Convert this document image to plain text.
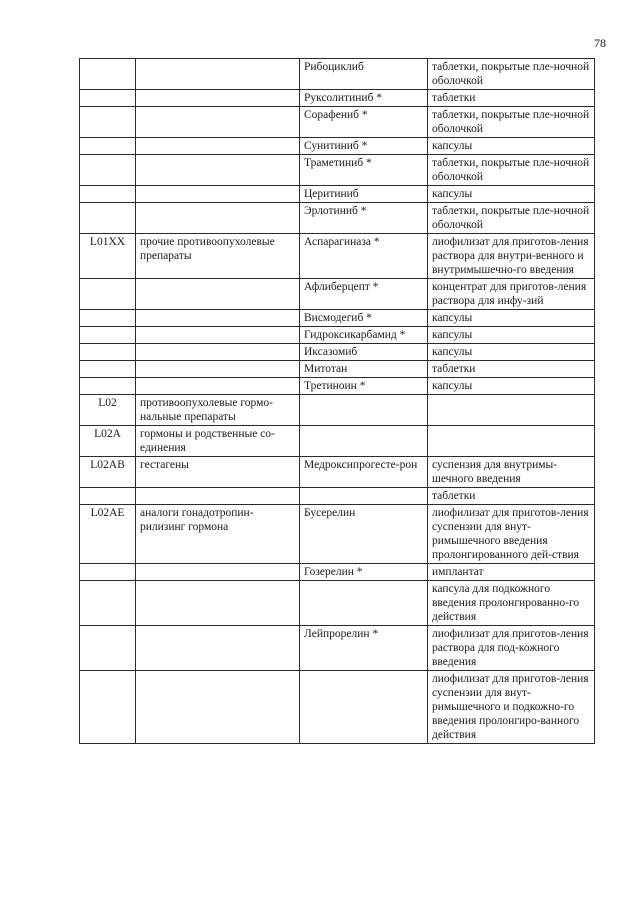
78
		Рибоциклиб	таблетки, покрытые пле-ночной оболочкой
		Руксолитиниб *	таблетки
		Сорафениб *	таблетки, покрытые пле-ночной оболочкой
		Сунитиниб *	капсулы
		Траметиниб *	таблетки, покрытые пле-ночной оболочкой
		Церитиниб	капсулы
		Эрлотиниб *	таблетки, покрытые пле-ночной оболочкой
L01XX	прочие противоопухолевые препараты	Аспарагиназа *	лиофилизат для приготов-ления раствора для внутри-венного и внутримышечно-го введения
		Афлиберцепт *	концентрат для приготов-ления раствора для инфу-зий
		Висмодегиб *	капсулы
		Гидроксикарбамид *	капсулы
		Иксазомиб	капсулы
		Митотан	таблетки
		Третиноин *	капсулы
L02	противоопухолевые гормо-нальные препараты		
L02A	гормоны и родственные со-единения		
L02AB	гестагены	Медроксипрогесте-рон	суспензия для внутримы-шечного введения
			таблетки
L02AE	аналоги гонадотропин-рилизинг гормона	Бусерелин	лиофилизат для приготов-ления суспензии для внут-римышечного введения пролонгированного дей-ствия
		Гозерелин *	имплантат
			капсула для подкожного введения пролонгированно-го действия
		Лейпрорелин *	лиофилизат для приготов-ления раствора для под-кожного введения
			лиофилизат для приготов-ления суспензии для внут-римышечного и подкожно-го введения пролонгиро-ванного действия
